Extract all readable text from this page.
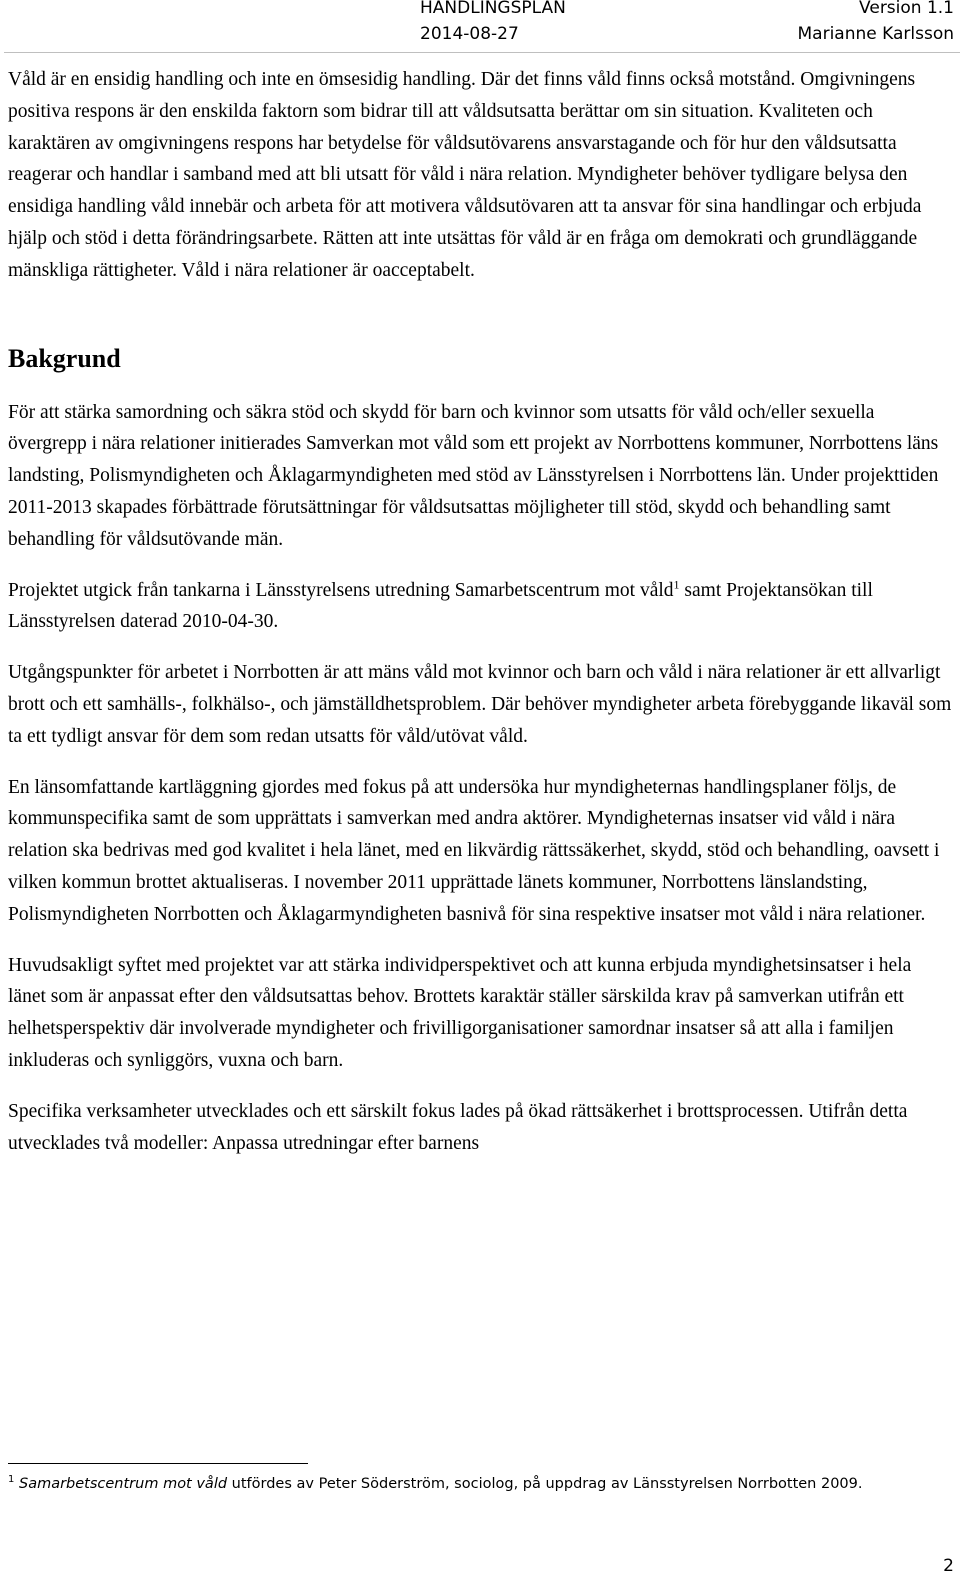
HANDLINGSPLAN	Version 1.1
2014-08-27	Marianne Karlsson

Våld är en ensidig handling och inte en ömsesidig handling. Där det finns våld finns också motstånd. Omgivningens positiva respons är den enskilda faktorn som bidrar till att våldsutsatta berättar om sin situation. Kvaliteten och karaktären av omgivningens respons har betydelse för våldsutövarens ansvarstagande och för hur den våldsutsatta reagerar och handlar i samband med att bli utsatt för våld i nära relation. Myndigheter behöver tydligare belysa den ensidiga handling våld innebär och arbeta för att motivera våldsutövaren att ta ansvar för sina handlingar och erbjuda hjälp och stöd i detta förändringsarbete. Rätten att inte utsättas för våld är en fråga om demokrati och grundläggande mänskliga rättigheter. Våld i nära relationer är oacceptabelt.

Bakgrund

För att stärka samordning och säkra stöd och skydd för barn och kvinnor som utsatts för våld och/eller sexuella övergrepp i nära relationer initierades Samverkan mot våld som ett projekt av Norrbottens kommuner, Norrbottens läns landsting, Polismyndigheten och Åklagarmyndigheten med stöd av Länsstyrelsen i Norrbottens län. Under projekttiden 2011-2013 skapades förbättrade förutsättningar för våldsutsattas möjligheter till stöd, skydd och behandling samt behandling för våldsutövande män.

Projektet utgick från tankarna i Länsstyrelsens utredning Samarbetscentrum mot våld$^1$ samt Projektansökan till Länsstyrelsen daterad 2010-04-30.

Utgångspunkter för arbetet i Norrbotten är att mäns våld mot kvinnor och barn och våld i nära relationer är ett allvarligt brott och ett samhälls-, folkhälso-, och jämställdhetsproblem. Där behöver myndigheter arbeta förebyggande likaväl som ta ett tydligt ansvar för dem som redan utsatts för våld/utövat våld.

En länsomfattande kartläggning gjordes med fokus på att undersöka hur myndigheternas handlingsplaner följs, de kommunspecifika samt de som upprättats i samverkan med andra aktörer. Myndigheternas insatser vid våld i nära relation ska bedrivas med god kvalitet i hela länet, med en likvärdig rättssäkerhet, skydd, stöd och behandling, oavsett i vilken kommun brottet aktualiseras. I november 2011 upprättade länets kommuner, Norrbottens länslandsting, Polismyndigheten Norrbotten och Åklagarmyndigheten basnivå för sina respektive insatser mot våld i nära relationer.

Huvudsakligt syftet med projektet var att stärka individperspektivet och att kunna erbjuda myndighetsinsatser i hela länet som är anpassat efter den våldsutsattas behov. Brottets karaktär ställer särskilda krav på samverkan utifrån ett helhetsperspektiv där involverade myndigheter och frivilligorganisationer samordnar insatser så att alla i familjen inkluderas och synliggörs, vuxna och barn.

Specifika verksamheter utvecklades och ett särskilt fokus lades på ökad rättsäkerhet i brottsprocessen. Utifrån detta utvecklades två modeller: Anpassa utredningar efter barnens

$^1$ Samarbetscentrum mot våld utfördes av Peter Söderström, sociolog, på uppdrag av Länsstyrelsen Norrbotten 2009.
2
